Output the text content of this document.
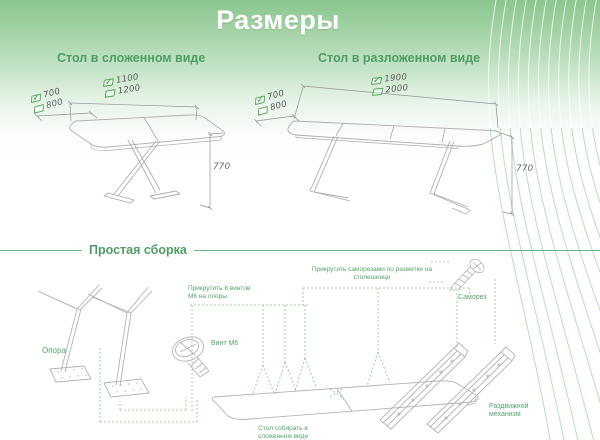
Размеры
Стол в сложенном виде
✓ 1100
1200
✓ 700
800
770
Стол в разложенном виде
✓ 1900
2000
✓ 700
800
770
Простая сборка
Прикрутить 8 винтов М6 на опоры
Прикрутить саморезами по разметке на столешнице
Опора
Винт М6
Саморез
Раздвижной механизм
Стол собирать в сложенном виде
